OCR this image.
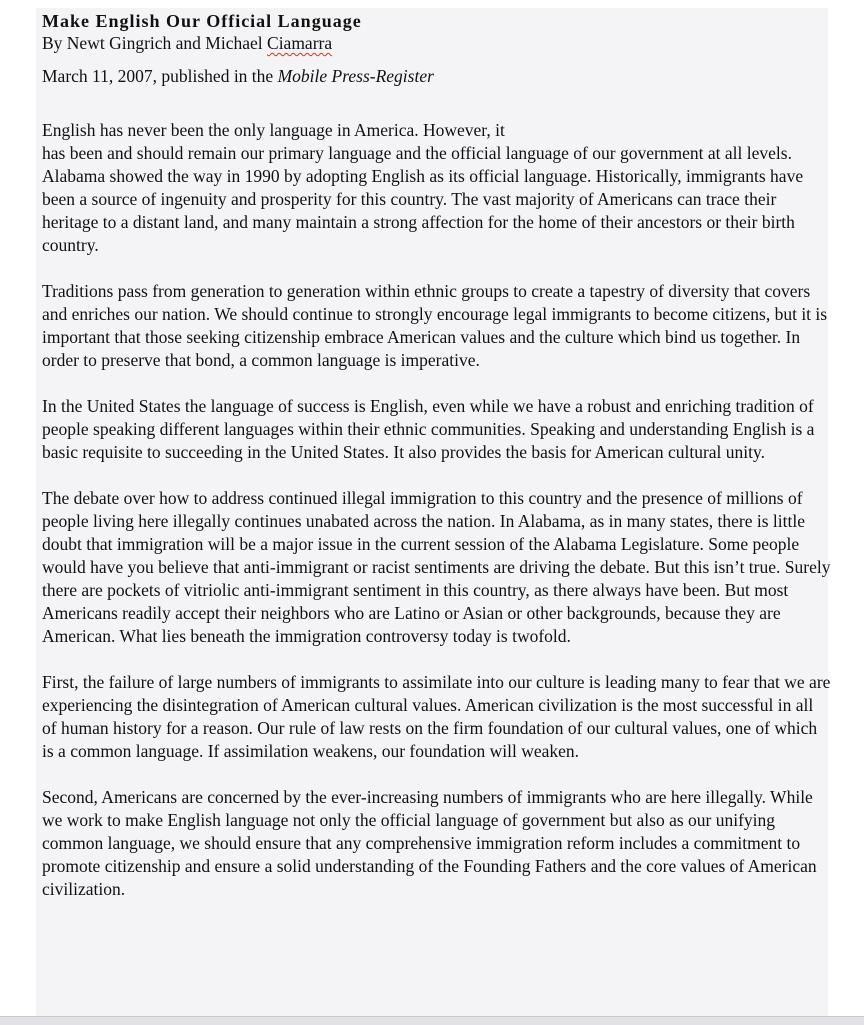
Make English Our Official Language

By Newt Gingrich and Michael Ciamarra

March 11, 2007, published in the Mobile Press-Register

English has never been the only language in America. However, it
has been and should remain our primary language and the official language of our government at all levels. Alabama showed the way in 1990 by adopting English as its official language. Historically, immigrants have been a source of ingenuity and prosperity for this country. The vast majority of Americans can trace their heritage to a distant land, and many maintain a strong affection for the home of their ancestors or their birth country.

Traditions pass from generation to generation within ethnic groups to create a tapestry of diversity that covers and enriches our nation. We should continue to strongly encourage legal immigrants to become citizens, but it is important that those seeking citizenship embrace American values and the culture which bind us together. In order to preserve that bond, a common language is imperative.

In the United States the language of success is English, even while we have a robust and enriching tradition of people speaking different languages within their ethnic communities. Speaking and understanding English is a basic requisite to succeeding in the United States. It also provides the basis for American cultural unity.

The debate over how to address continued illegal immigration to this country and the presence of millions of people living here illegally continues unabated across the nation. In Alabama, as in many states, there is little doubt that immigration will be a major issue in the current session of the Alabama Legislature. Some people would have you believe that anti-immigrant or racist sentiments are driving the debate. But this isn’t true. Surely there are pockets of vitriolic anti-immigrant sentiment in this country, as there always have been. But most Americans readily accept their neighbors who are Latino or Asian or other backgrounds, because they are American. What lies beneath the immigration controversy today is twofold.

First, the failure of large numbers of immigrants to assimilate into our culture is leading many to fear that we are experiencing the disintegration of American cultural values. American civilization is the most successful in all of human history for a reason. Our rule of law rests on the firm foundation of our cultural values, one of which is a common language. If assimilation weakens, our foundation will weaken.

Second, Americans are concerned by the ever-increasing numbers of immigrants who are here illegally. While we work to make English language not only the official language of government but also as our unifying common language, we should ensure that any comprehensive immigration reform includes a commitment to promote citizenship and ensure a solid understanding of the Founding Fathers and the core values of American civilization.
